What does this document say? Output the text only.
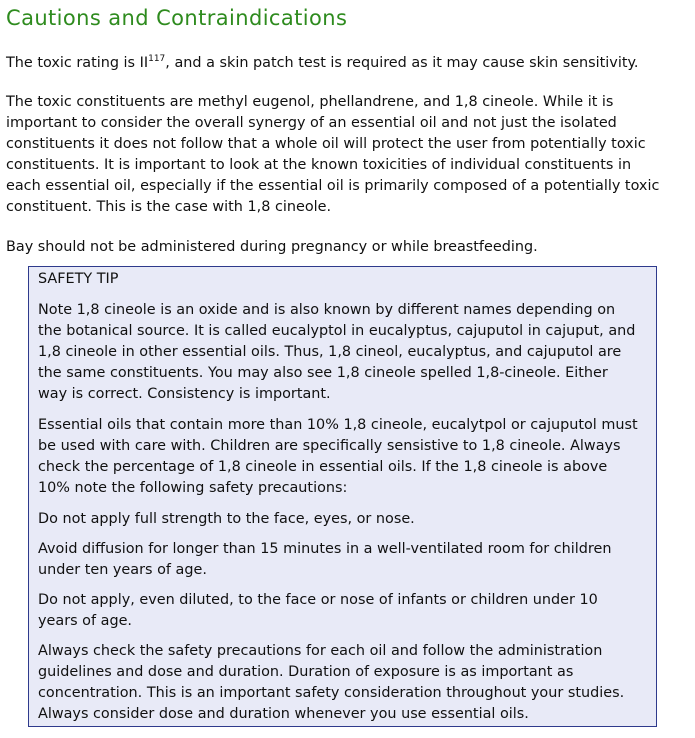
Cautions and Contraindications

The toxic rating is II$^{117}$, and a skin patch test is required as it may cause skin sensitivity.

The toxic constituents are methyl eugenol, phellandrene, and 1,8 cineole. While it is
important to consider the overall synergy of an essential oil and not just the isolated
constituents it does not follow that a whole oil will protect the user from potentially toxic
constituents. It is important to look at the known toxicities of individual constituents in
each essential oil, especially if the essential oil is primarily composed of a potentially toxic
constituent. This is the case with 1,8 cineole.

Bay should not be administered during pregnancy or while breastfeeding.

SAFETY TIP
Note 1,8 cineole is an oxide and is also known by different names depending on
the botanical source. It is called eucalyptol in eucalyptus, cajuputol in cajuput, and
1,8 cineole in other essential oils. Thus, 1,8 cineol, eucalyptus, and cajuputol are
the same constituents. You may also see 1,8 cineole spelled 1,8-cineole. Either
way is correct. Consistency is important.
Essential oils that contain more than 10% 1,8 cineole, eucalytpol or cajuputol must
be used with care with. Children are specifically sensistive to 1,8 cineole. Always
check the percentage of 1,8 cineole in essential oils. If the 1,8 cineole is above
10% note the following safety precautions:
Do not apply full strength to the face, eyes, or nose.
Avoid diffusion for longer than 15 minutes in a well-ventilated room for children
under ten years of age.
Do not apply, even diluted, to the face or nose of infants or children under 10
years of age.
Always check the safety precautions for each oil and follow the administration
guidelines and dose and duration. Duration of exposure is as important as
concentration. This is an important safety consideration throughout your studies.
Always consider dose and duration whenever you use essential oils.
